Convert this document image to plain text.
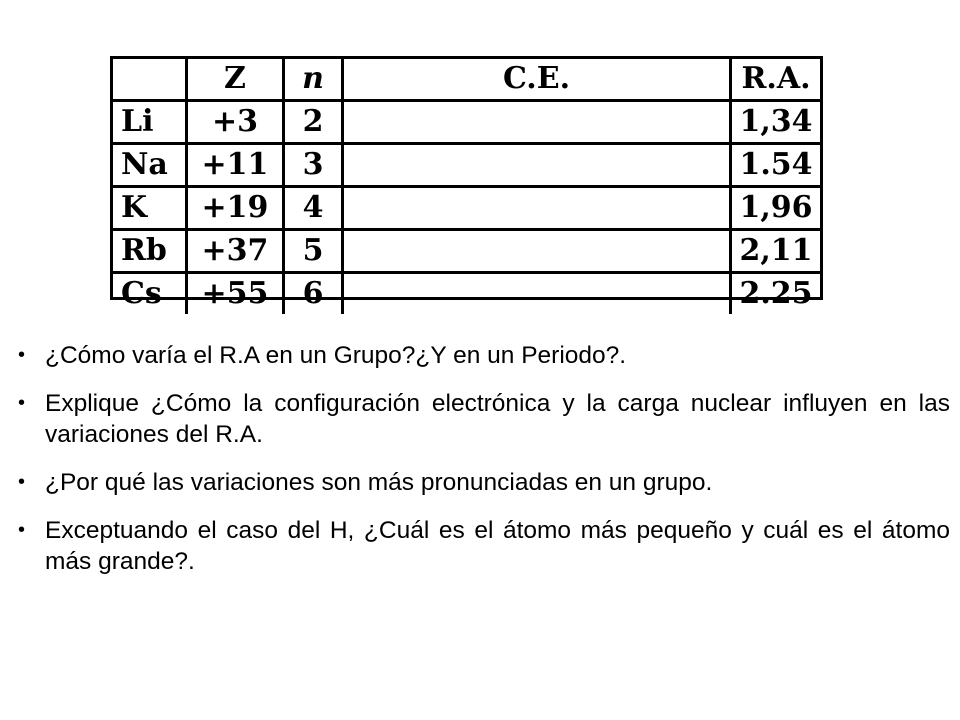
	Z	n	C.E.	R.A.
Li	+3	2		1,34
Na	+11	3		1.54
K	+19	4		1,96
Rb	+37	5		2,11
Cs	+55	6		2.25
• ¿Cómo varía el R.A en un Grupo?¿Y en un Periodo?.
• Explique ¿Cómo la configuración electrónica y la carga nuclear influyen en las variaciones del R.A.
• ¿Por qué las variaciones son más pronunciadas en un grupo.
• Exceptuando el caso del H, ¿Cuál es el átomo más pequeño y cuál es el átomo más grande?.
